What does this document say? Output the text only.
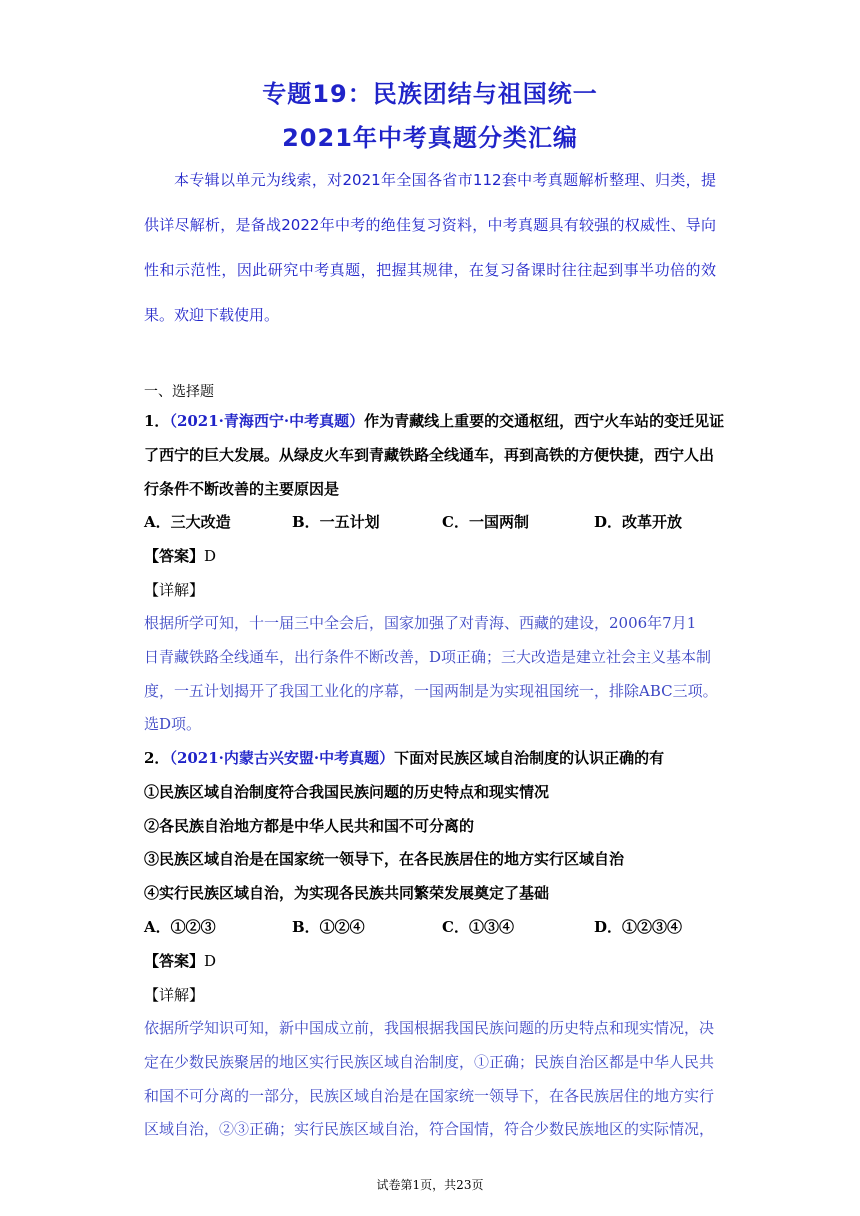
专题19：民族团结与祖国统一
2021年中考真题分类汇编

本专辑以单元为线索，对2021年全国各省市112套中考真题解析整理、归类，提供详尽解析，是备战2022年中考的绝佳复习资料，中考真题具有较强的权威性、导向性和示范性，因此研究中考真题，把握其规律，在复习备课时往往起到事半功倍的效果。欢迎下载使用。

一、选择题
1．（2021·青海西宁·中考真题）作为青藏线上重要的交通枢纽，西宁火车站的变迁见证
了西宁的巨大发展。从绿皮火车到青藏铁路全线通车，再到高铁的方便快捷，西宁人出
行条件不断改善的主要原因是
A．三大改造	B．一五计划	C．一国两制	D．改革开放
【答案】D
【详解】
根据所学可知，十一届三中全会后，国家加强了对青海、西藏的建设，2006年7月1
日青藏铁路全线通车，出行条件不断改善，D项正确；三大改造是建立社会主义基本制
度，一五计划揭开了我国工业化的序幕，一国两制是为实现祖国统一，排除ABC三项。
选D项。
2．（2021·内蒙古兴安盟·中考真题）下面对民族区域自治制度的认识正确的有
①民族区域自治制度符合我国民族问题的历史特点和现实情况
②各民族自治地方都是中华人民共和国不可分离的
③民族区域自治是在国家统一领导下，在各民族居住的地方实行区域自治
④实行民族区域自治，为实现各民族共同繁荣发展奠定了基础
A．①②③	B．①②④	C．①③④	D．①②③④
【答案】D
【详解】
依据所学知识可知，新中国成立前，我国根据我国民族问题的历史特点和现实情况，决
定在少数民族聚居的地区实行民族区域自治制度，①正确；民族自治区都是中华人民共
和国不可分离的一部分，民族区域自治是在国家统一领导下，在各民族居住的地方实行
区域自治，②③正确；实行民族区域自治，符合国情，符合少数民族地区的实际情况，
试卷第1页，共23页
